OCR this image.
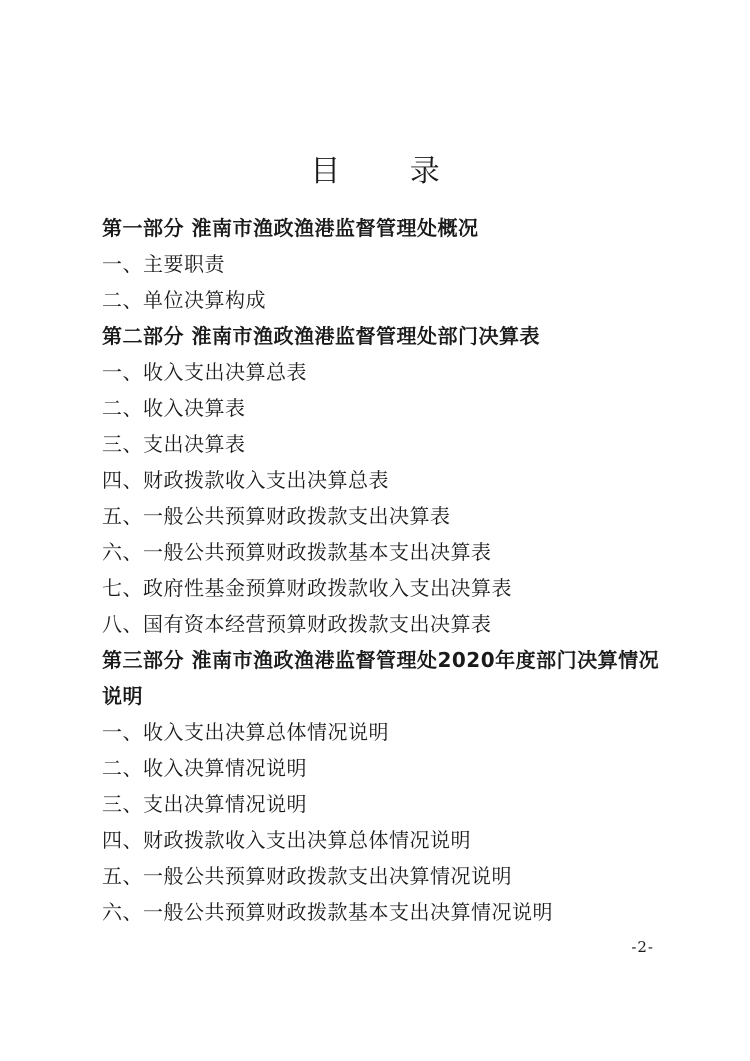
目 录
第一部分 淮南市渔政渔港监督管理处概况
一、主要职责
二、单位决算构成
第二部分 淮南市渔政渔港监督管理处部门决算表
一、收入支出决算总表
二、收入决算表
三、支出决算表
四、财政拨款收入支出决算总表
五、一般公共预算财政拨款支出决算表
六、一般公共预算财政拨款基本支出决算表
七、政府性基金预算财政拨款收入支出决算表
八、国有资本经营预算财政拨款支出决算表
第三部分 淮南市渔政渔港监督管理处2020年度部门决算情况说明
一、收入支出决算总体情况说明
二、收入决算情况说明
三、支出决算情况说明
四、财政拨款收入支出决算总体情况说明
五、一般公共预算财政拨款支出决算情况说明
六、一般公共预算财政拨款基本支出决算情况说明
-2-
